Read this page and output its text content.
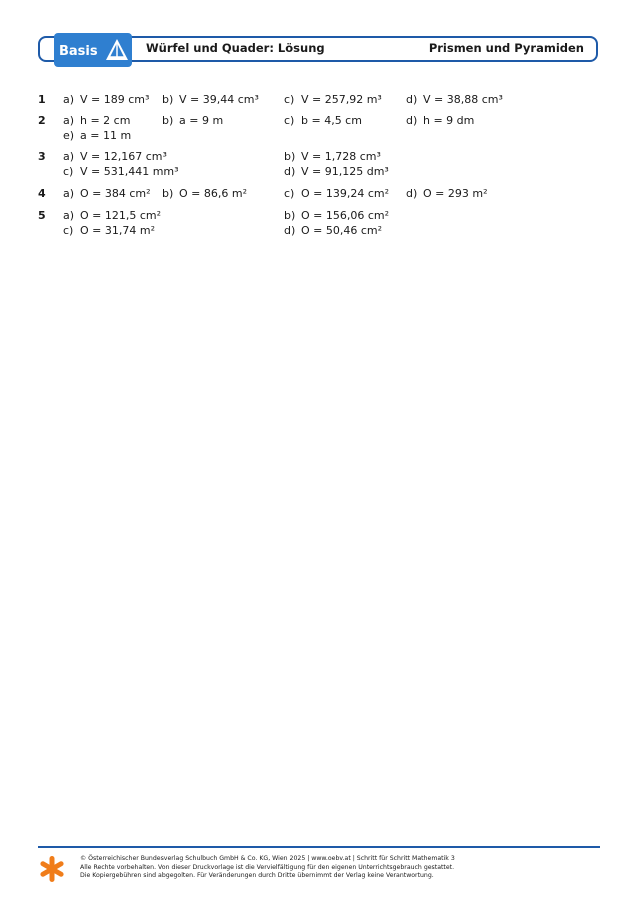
Basis	Würfel und Quader: Lösung	Prismen und Pyramiden
1 a) V = 189 cm³ b) V = 39,44 cm³ c) V = 257,92 m³ d) V = 38,88 cm³
2 a) h = 2 cm	b) a = 9 m	c) b = 4,5 cm	d) h = 9 dm
e) a = 11 m
3 a) V = 12,167 cm³	b) V = 1,728 cm³
c) V = 531,441 mm³	d) V = 91,125 dm³
4 a) O = 384 cm² b) O = 86,6 m²	c) O = 139,24 cm² d) O = 293 m²
5 a) O = 121,5 cm²	b) O = 156,06 cm²
c) O = 31,74 m²	d) O = 50,46 cm²
© Österreichischer Bundesverlag Schulbuch GmbH & Co. KG, Wien 2025 | www.oebv.at | Schritt für Schritt Mathematik 3
Alle Rechte vorbehalten. Von dieser Druckvorlage ist die Vervielfältigung für den eigenen Unterrichtsgebrauch gestattet.
Die Kopiergebühren sind abgegolten. Für Veränderungen durch Dritte übernimmt der Verlag keine Verantwortung.
